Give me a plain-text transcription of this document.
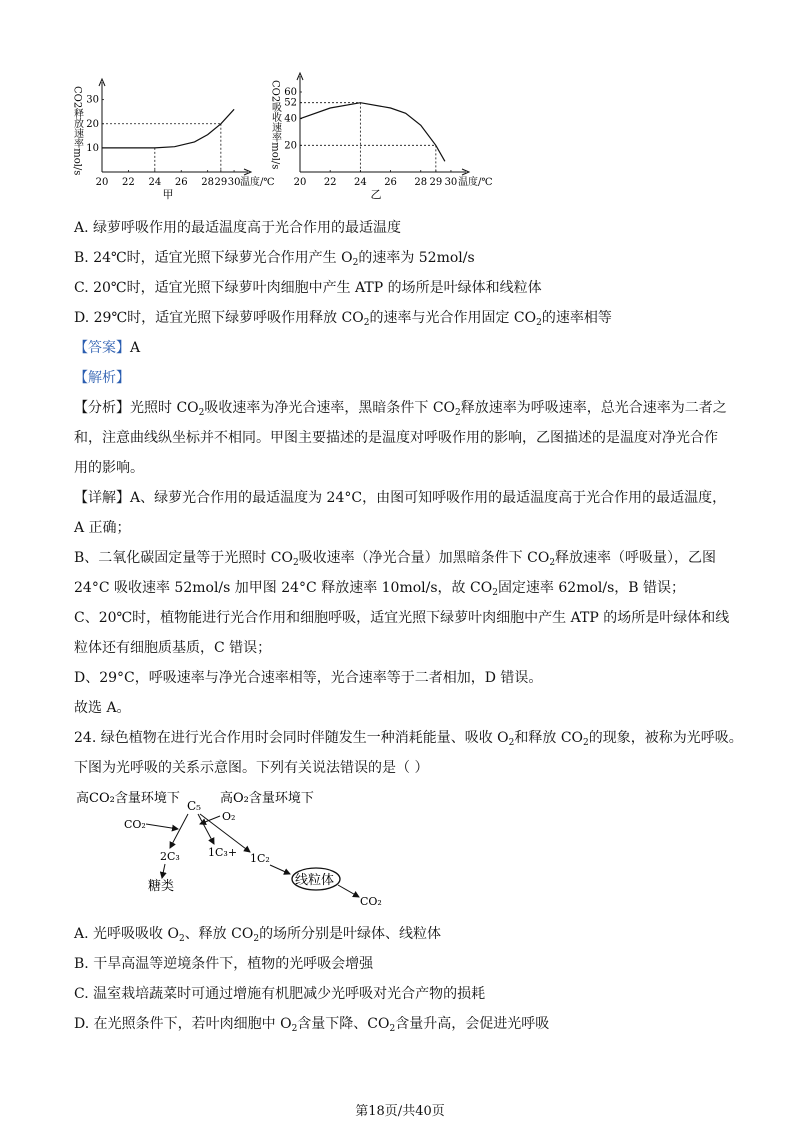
CO2释放速率mol/s
20 22 24 26 28 29 30
10
20
30
温度/℃
甲
CO2吸收速率mol/s
20 22 24 26 28 29 30
20
40
52
60
温度/℃
乙
A. 绿萝呼吸作用的最适温度高于光合作用的最适温度
B. 24℃时，适宜光照下绿萝光合作用产生 $O_2$的速率为 52mol/s
C. 20℃时，适宜光照下绿萝叶肉细胞中产生 ATP 的场所是叶绿体和线粒体
D. 29℃时，适宜光照下绿萝呼吸作用释放 $CO_2$的速率与光合作用固定 $CO_2$的速率相等
【答案】A
【解析】
【分析】光照时 $CO_2$吸收速率为净光合速率，黑暗条件下 $CO_2$释放速率为呼吸速率，总光合速率为二者之
和，注意曲线纵坐标并不相同。甲图主要描述的是温度对呼吸作用的影响，乙图描述的是温度对净光合作
用的影响。
【详解】A、绿萝光合作用的最适温度为 24°C，由图可知呼吸作用的最适温度高于光合作用的最适温度，
A 正确；
B、二氧化碳固定量等于光照时 $CO_2$吸收速率（净光合量）加黑暗条件下 $CO_2$释放速率（呼吸量），乙图
24°C 吸收速率 52mol/s 加甲图 24°C 释放速率 10mol/s，故 $CO_2$固定速率 62mol/s，B 错误；
C、20℃时，植物能进行光合作用和细胞呼吸，适宜光照下绿萝叶肉细胞中产生 ATP 的场所是叶绿体和线
粒体还有细胞质基质，C 错误；
D、29°C，呼吸速率与净光合速率相等，光合速率等于二者相加，D 错误。
故选 A。
24. 绿色植物在进行光合作用时会同时伴随发生一种消耗能量、吸收 $O_2$和释放 $CO_2$的现象，被称为光呼吸。
下图为光呼吸的关系示意图。下列有关说法错误的是（ ）
高CO₂含量环境下 C₅ 高O₂含量环境下
O₂
CO₂
2C₃
糖类
1C₃+ 1C₂
线粒体
CO₂
A. 光呼吸吸收 $O_2$、释放 $CO_2$的场所分别是叶绿体、线粒体
B. 干旱高温等逆境条件下，植物的光呼吸会增强
C. 温室栽培蔬菜时可通过增施有机肥减少光呼吸对光合产物的损耗
D. 在光照条件下，若叶肉细胞中 $O_2$含量下降、$CO_2$含量升高，会促进光呼吸
第18页/共40页
